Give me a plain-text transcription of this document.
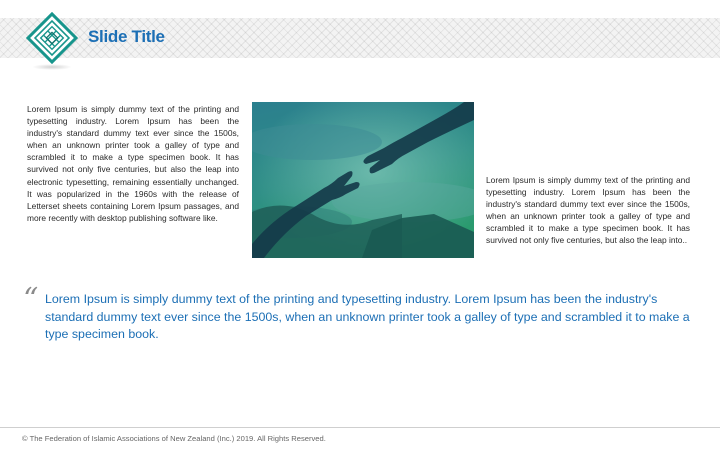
Slide Title

Lorem Ipsum is simply dummy text of the printing and typesetting industry. Lorem Ipsum has been the industry's standard dummy text ever since the 1500s, when an unknown printer took a galley of type and scrambled it to make a type specimen book. It has survived not only five centuries, but also the leap into electronic typesetting, remaining essentially unchanged. It was popularized in the 1960s with the release of Letterset sheets containing Lorem Ipsum passages, and more recently with desktop publishing software like.

Lorem Ipsum is simply dummy text of the printing and typesetting industry. Lorem Ipsum has been the industry's standard dummy text ever since the 1500s, when an unknown printer took a galley of type and scrambled it to make a type specimen book. It has survived not only five centuries, but also the leap into..

“ Lorem Ipsum is simply dummy text of the printing and typesetting industry. Lorem Ipsum has been the industry's standard dummy text ever since the 1500s, when an unknown printer took a galley of type and scrambled it to make a type specimen book.

© The Federation of Islamic Associations of New Zealand (Inc.) 2019. All Rights Reserved.
